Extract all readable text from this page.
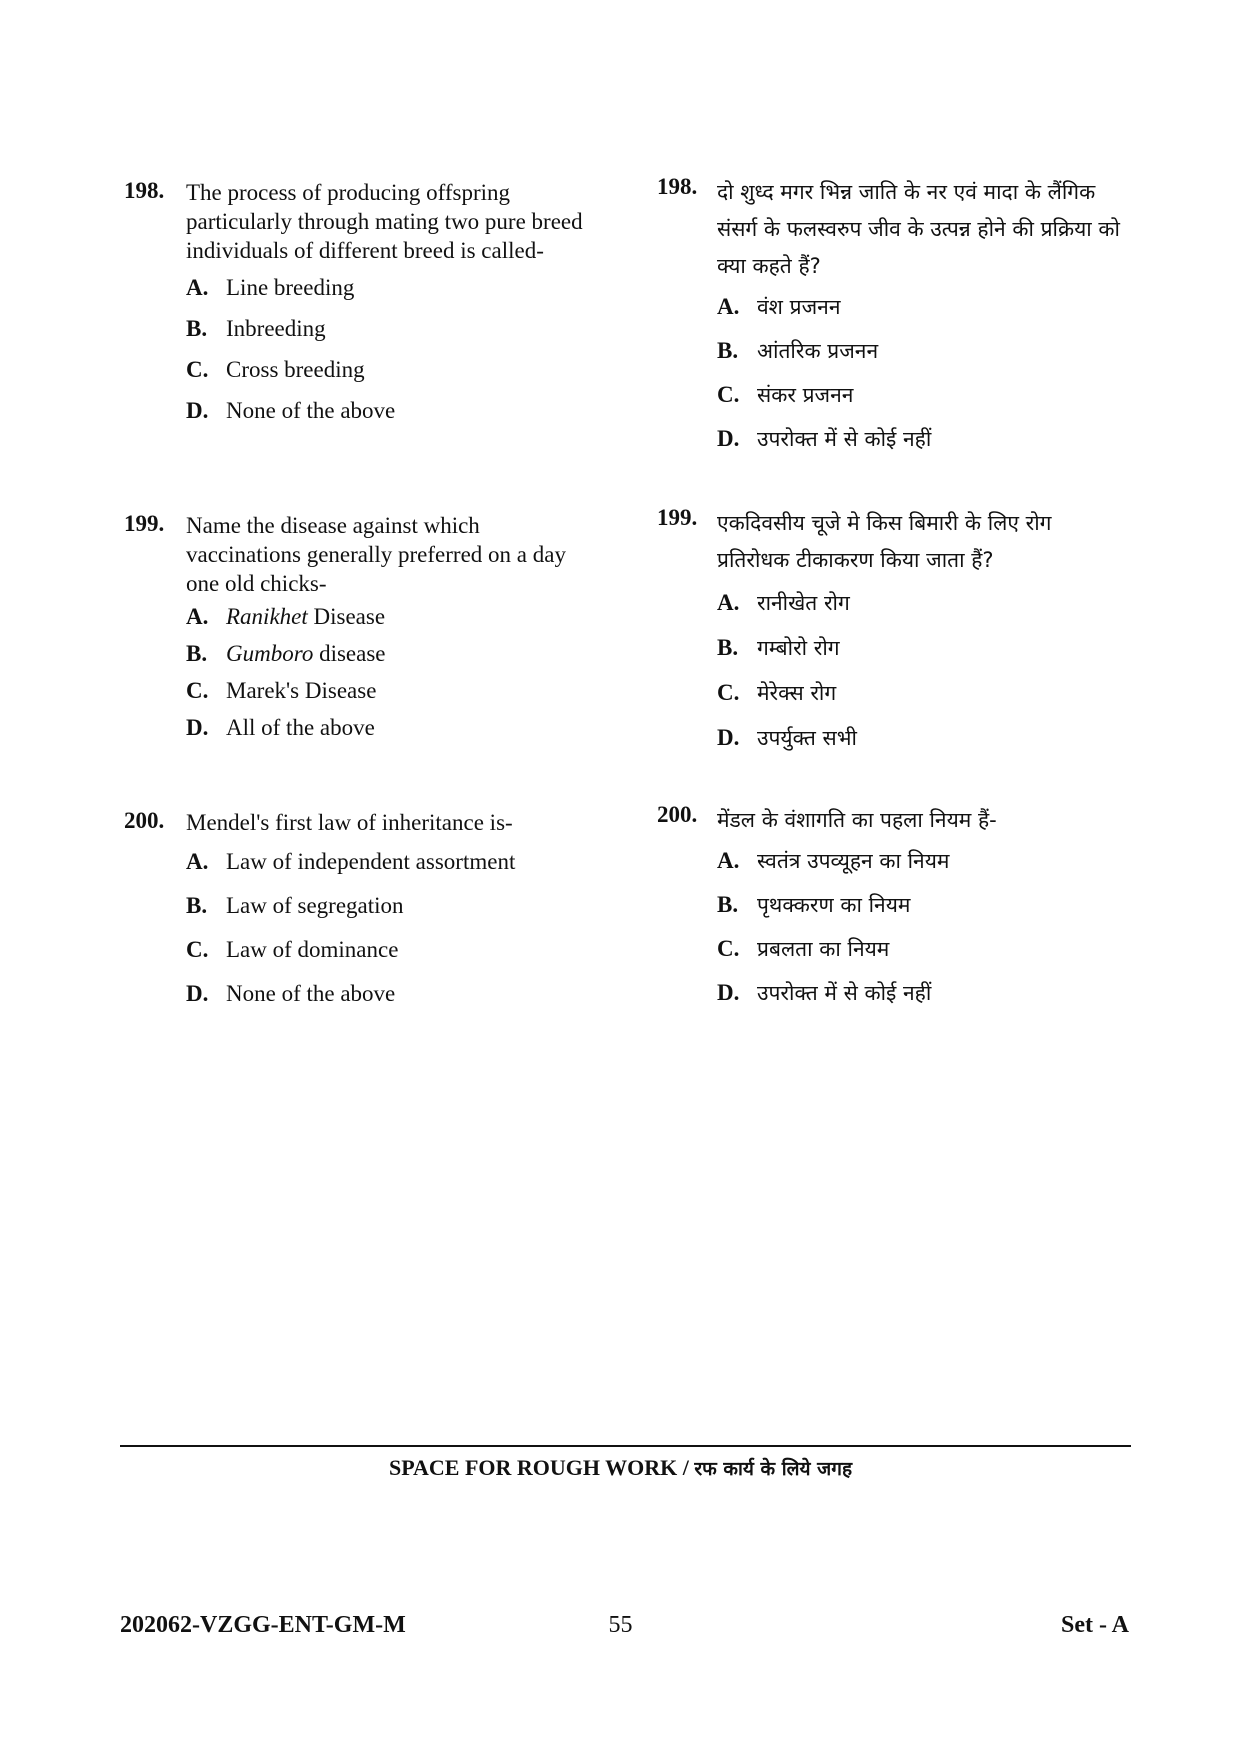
198. The process of producing offspring particularly through mating two pure breed individuals of different breed is called-
A. Line breeding
B. Inbreeding
C. Cross breeding
D. None of the above
199. Name the disease against which vaccinations generally preferred on a day one old chicks-
A. Ranikhet Disease
B. Gumboro disease
C. Marek's Disease
D. All of the above
200. Mendel's first law of inheritance is-
A. Law of independent assortment
B. Law of segregation
C. Law of dominance
D. None of the above
198. दो शुध्द मगर भिन्न जाति के नर एवं मादा के लैंगिक संसर्ग के फलस्वरुप जीव के उत्पन्न होने की प्रक्रिया को क्या कहते हैं?
A. वंश प्रजनन
B. आंतरिक प्रजनन
C. संकर प्रजनन
D. उपरोक्त में से कोई नहीं
199. एकदिवसीय चूजे मे किस बिमारी के लिए रोग प्रतिरोधक टीकाकरण किया जाता हैं?
A. रानीखेत रोग
B. गम्बोरो रोग
C. मेरेक्स रोग
D. उपर्युक्त सभी
200. मेंडल के वंशागति का पहला नियम हैं-
A. स्वतंत्र उपव्यूहन का नियम
B. पृथक्करण का नियम
C. प्रबलता का नियम
D. उपरोक्त में से कोई नहीं
SPACE FOR ROUGH WORK / रफ कार्य के लिये जगह
55
202062-VZGG-ENT-GM-M	Set - A
